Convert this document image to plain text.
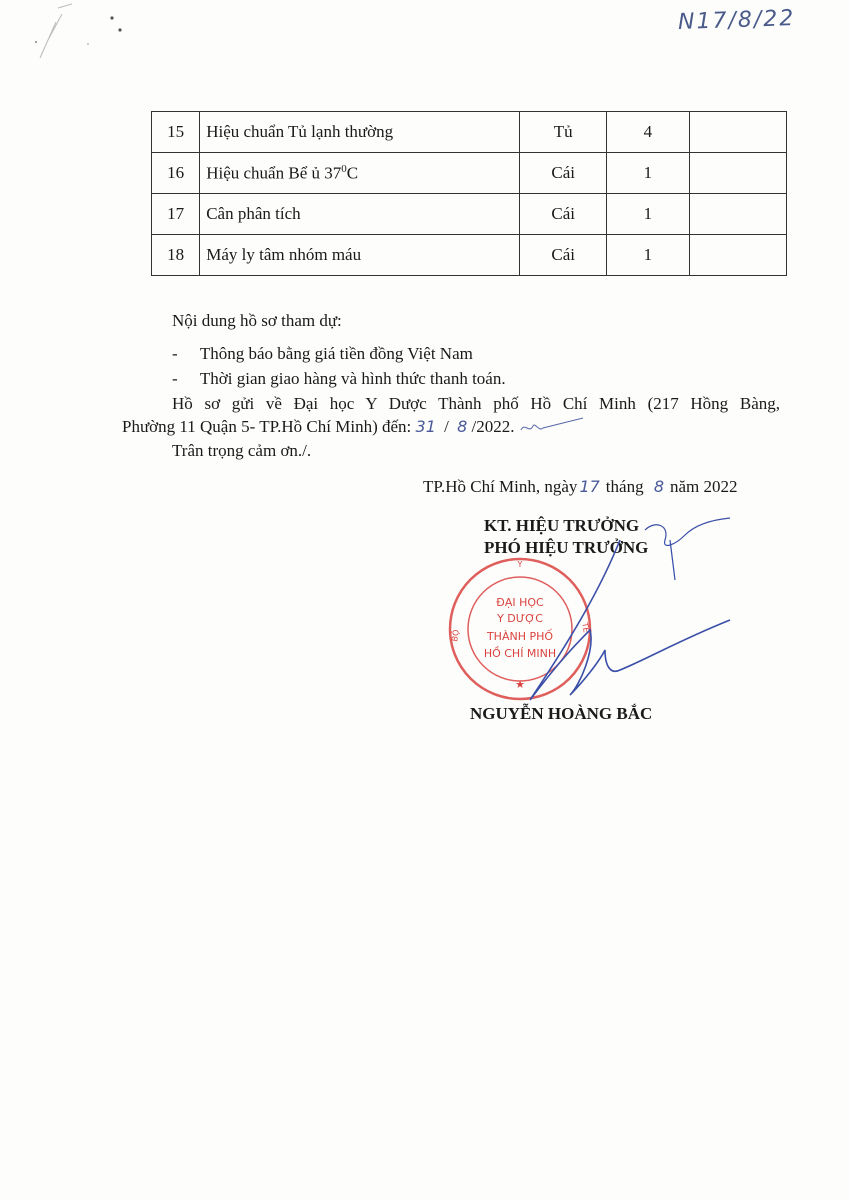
N17/8/22
15	Hiệu chuẩn Tủ lạnh thường	Tủ	4	
16	Hiệu chuẩn Bể ủ $37^0C$	Cái	1	
17	Cân phân tích	Cái	1	
18	Máy ly tâm nhóm máu	Cái	1	
Nội dung hồ sơ tham dự:
- Thông báo bằng giá tiền đồng Việt Nam
- Thời gian giao hàng và hình thức thanh toán.
Hồ sơ gửi về Đại học Y Dược Thành phố Hồ Chí Minh (217 Hồng Bàng,
Phường 11 Quận 5- TP.Hồ Chí Minh) đến: 31 / 8 /2022.
Trân trọng cảm ơn./.
TP.Hồ Chí Minh, ngày 17 tháng 8 năm 2022
KT. HIỆU TRƯỞNG
PHÓ HIỆU TRƯỞNG
Y
BỘ
TẾ
ĐẠI HỌC
Y DƯỢC
THÀNH PHỐ
HỒ CHÍ MINH
★
NGUYỄN HOÀNG BẮC
